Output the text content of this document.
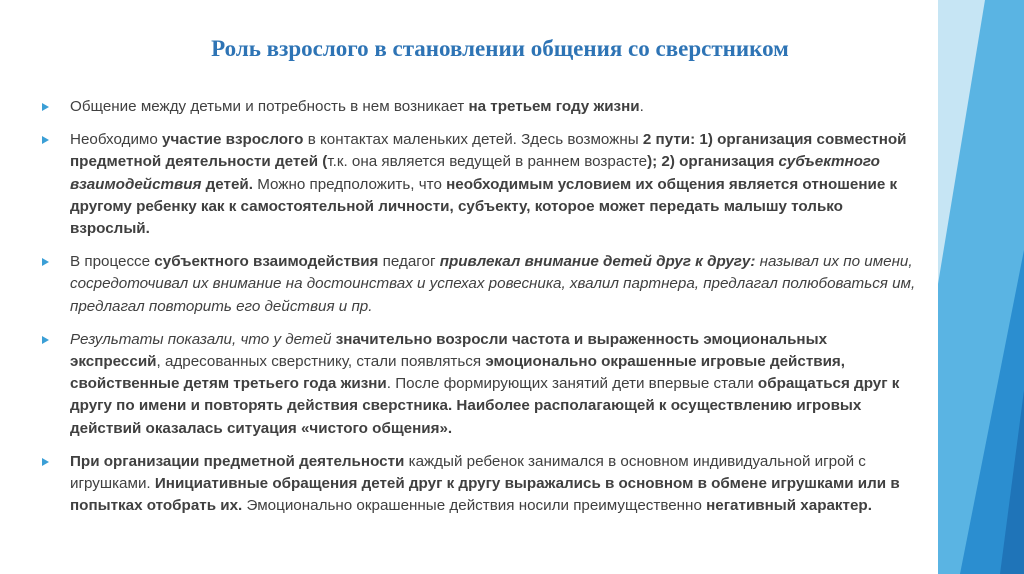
Роль взрослого в становлении общения со сверстником
Общение между детьми и потребность в нем возникает на третьем году жизни.
Необходимо участие взрослого в контактах маленьких детей. Здесь возможны 2 пути: 1) организация совместной предметной деятельности детей (т.к. она является ведущей в раннем возрасте); 2) организация субъектного взаимодействия детей. Можно предположить, что необходимым условием их общения является отношение к другому ребенку как к самостоятельной личности, субъекту, которое может передать малышу только взрослый.
В процессе субъектного взаимодействия педагог привлекал внимание детей друг к другу: называл их по имени, сосредоточивал их внимание на достоинствах и успехах ровесника, хвалил партнера, предлагал полюбоваться им, предлагал повторить его действия и пр.
Результаты показали, что у детей значительно возросли частота и выраженность эмоциональных экспрессий, адресованных сверстнику, стали появляться эмоционально окрашенные игровые действия, свойственные детям третьего года жизни. После формирующих занятий дети впервые стали обращаться друг к другу по имени и повторять действия сверстника. Наиболее располагающей к осуществлению игровых действий оказалась ситуация «чистого общения».
При организации предметной деятельности каждый ребенок занимался в основном индивидуальной игрой с игрушками. Инициативные обращения детей друг к другу выражались в основном в обмене игрушками или в попытках отобрать их. Эмоционально окрашенные действия носили преимущественно негативный характер.
